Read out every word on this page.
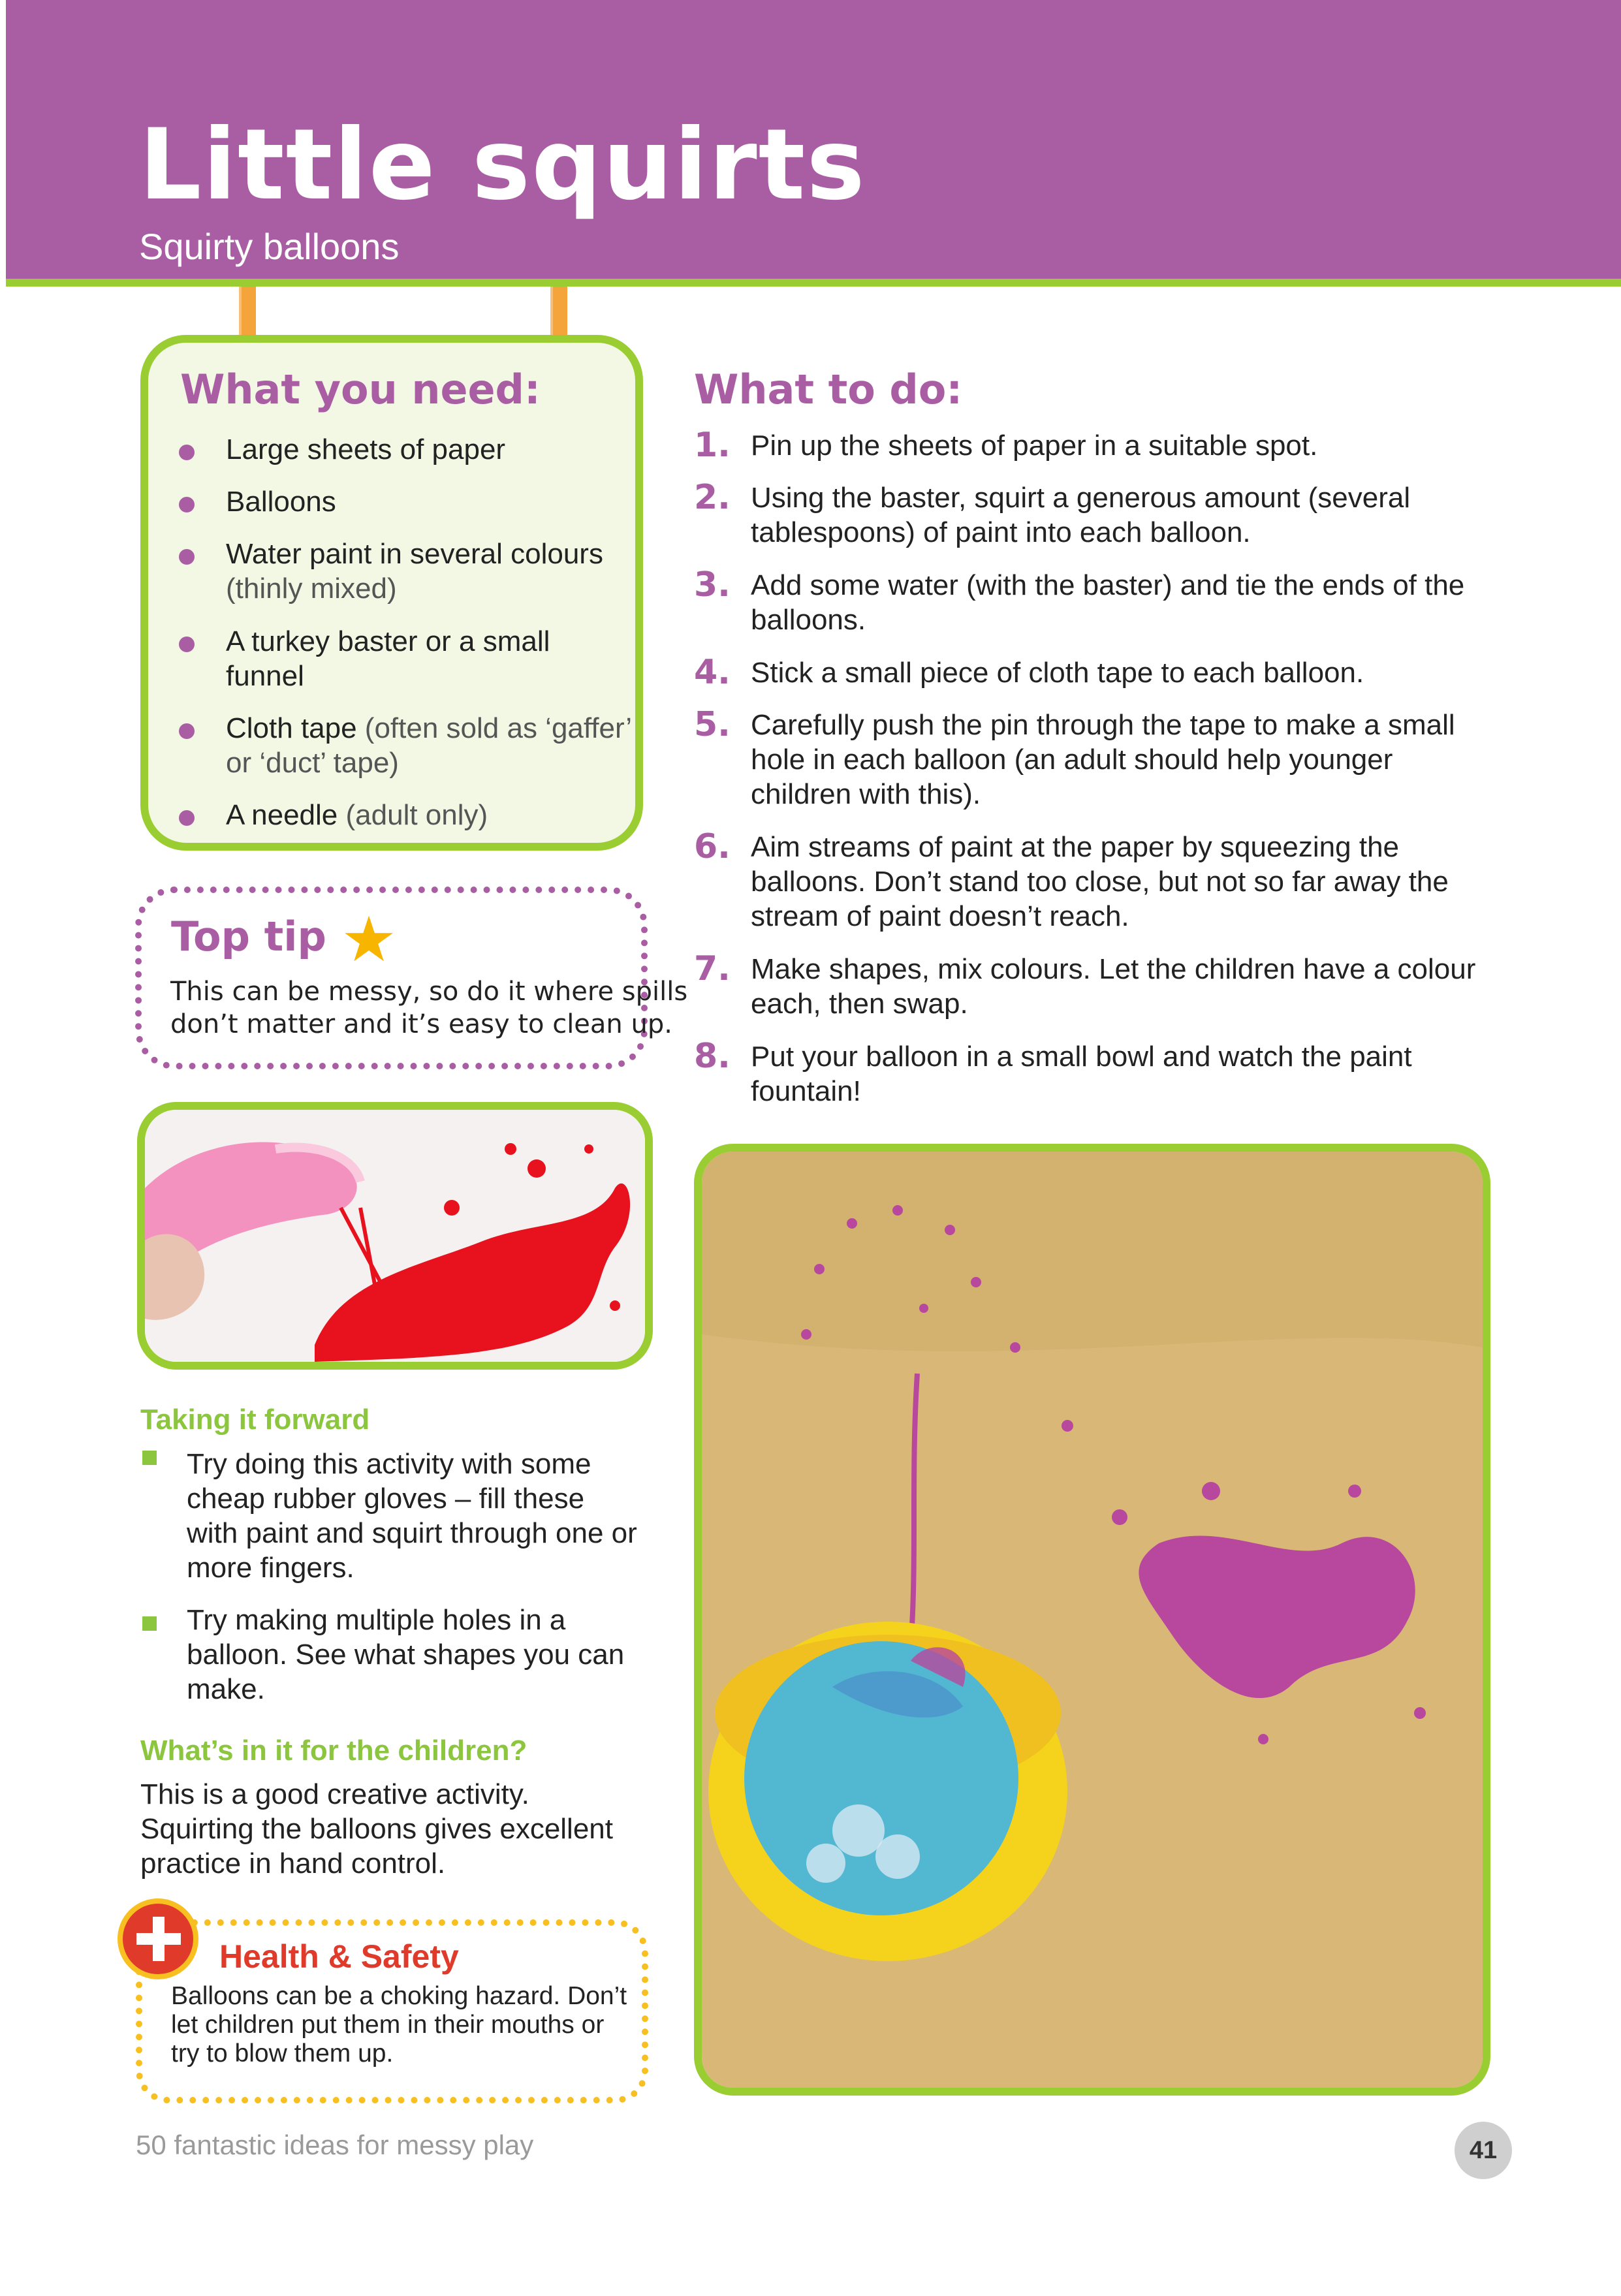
Little squirts
Squirty balloons
What you need:
Large sheets of paper
Balloons
Water paint in several colours
(thinly mixed)
A turkey baster or a small
funnel
Cloth tape (often sold as ‘gaffer’
or ‘duct’ tape)
A needle (adult only)
Top tip ★
This can be messy, so do it where spills
don’t matter and it’s easy to clean up.
Taking it forward
Try doing this activity with some
cheap rubber gloves – fill these
with paint and squirt through one or
more fingers.
Try making multiple holes in a
balloon. See what shapes you can
make.
What’s in it for the children?
This is a good creative activity.
Squirting the balloons gives excellent
practice in hand control.
Health & Safety
Balloons can be a choking hazard. Don’t
let children put them in their mouths or
try to blow them up.
What to do:
1. Pin up the sheets of paper in a suitable spot.
2. Using the baster, squirt a generous amount (several
tablespoons) of paint into each balloon.
3. Add some water (with the baster) and tie the ends of the
balloons.
4. Stick a small piece of cloth tape to each balloon.
5. Carefully push the pin through the tape to make a small
hole in each balloon (an adult should help younger
children with this).
6. Aim streams of paint at the paper by squeezing the
balloons. Don’t stand too close, but not so far away the
stream of paint doesn’t reach.
7. Make shapes, mix colours. Let the children have a colour
each, then swap.
8. Put your balloon in a small bowl and watch the paint
fountain!
50 fantastic ideas for messy play	41
